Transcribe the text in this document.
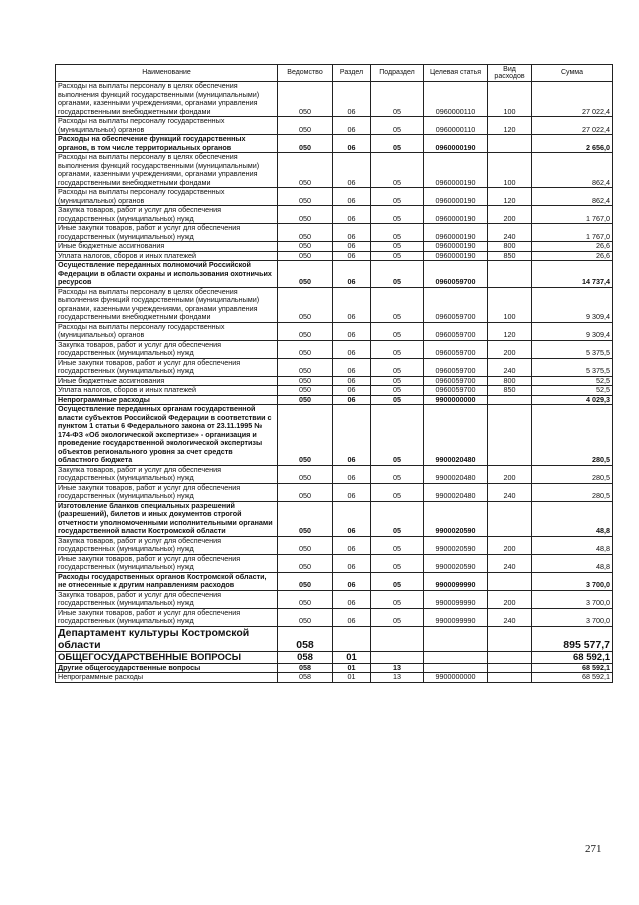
Наименование	Ведомство	Раздел	Подраздел	Целевая статья	Вид расходов	Сумма
Расходы на выплаты персоналу в целях обеспечения выполнения функций государственными (муниципальными) органами, казенными учреждениями, органами управления государственными внебюджетными фондами	050	06	05	0960000110	100	27 022,4
Расходы на выплаты персоналу государственных (муниципальных) органов	050	06	05	0960000110	120	27 022,4
Расходы на обеспечение функций государственных органов, в том числе территориальных органов	050	06	05	0960000190		2 656,0
Расходы на выплаты персоналу в целях обеспечения выполнения функций государственными (муниципальными) органами, казенными учреждениями, органами управления государственными внебюджетными фондами	050	06	05	0960000190	100	862,4
Расходы на выплаты персоналу государственных (муниципальных) органов	050	06	05	0960000190	120	862,4
Закупка товаров, работ и услуг для обеспечения государственных (муниципальных) нужд	050	06	05	0960000190	200	1 767,0
Иные закупки товаров, работ и услуг для обеспечения государственных (муниципальных) нужд	050	06	05	0960000190	240	1 767,0
Иные бюджетные ассигнования	050	06	05	0960000190	800	26,6
Уплата налогов, сборов и иных платежей	050	06	05	0960000190	850	26,6
Осуществление переданных полномочий Российской Федерации в области охраны и использования охотничьих ресурсов	050	06	05	0960059700		14 737,4
Расходы на выплаты персоналу в целях обеспечения выполнения функций государственными (муниципальными) органами, казенными учреждениями, органами управления государственными внебюджетными фондами	050	06	05	0960059700	100	9 309,4
Расходы на выплаты персоналу государственных (муниципальных) органов	050	06	05	0960059700	120	9 309,4
Закупка товаров, работ и услуг для обеспечения государственных (муниципальных) нужд	050	06	05	0960059700	200	5 375,5
Иные закупки товаров, работ и услуг для обеспечения государственных (муниципальных) нужд	050	06	05	0960059700	240	5 375,5
Иные бюджетные ассигнования	050	06	05	0960059700	800	52,5
Уплата налогов, сборов и иных платежей	050	06	05	0960059700	850	52,5
Непрограммные расходы	050	06	05	9900000000		4 029,3
Осуществление переданных органам государственной власти субъектов Российской Федерации в соответствии с пунктом 1 статьи 6 Федерального закона от 23.11.1995 № 174-ФЗ «Об экологической экспертизе» - организация и проведение государственной экологической экспертизы объектов регионального уровня за счет средств областного бюджета	050	06	05	9900020480		280,5
Закупка товаров, работ и услуг для обеспечения государственных (муниципальных) нужд	050	06	05	9900020480	200	280,5
Иные закупки товаров, работ и услуг для обеспечения государственных (муниципальных) нужд	050	06	05	9900020480	240	280,5
Изготовление бланков специальных разрешений (разрешений), билетов и иных документов строгой отчетности уполномоченными исполнительными органами государственной власти Костромской области	050	06	05	9900020590		48,8
Закупка товаров, работ и услуг для обеспечения государственных (муниципальных) нужд	050	06	05	9900020590	200	48,8
Иные закупки товаров, работ и услуг для обеспечения государственных (муниципальных) нужд	050	06	05	9900020590	240	48,8
Расходы государственных органов Костромской области, не отнесенные к другим направлениям расходов	050	06	05	9900099990		3 700,0
Закупка товаров, работ и услуг для обеспечения государственных (муниципальных) нужд	050	06	05	9900099990	200	3 700,0
Иные закупки товаров, работ и услуг для обеспечения государственных (муниципальных) нужд	050	06	05	9900099990	240	3 700,0
Департамент культуры Костромской области	058					895 577,7
ОБЩЕГОСУДАРСТВЕННЫЕ ВОПРОСЫ	058	01				68 592,1
Другие общегосударственные вопросы	058	01	13			68 592,1
Непрограммные расходы	058	01	13	9900000000		68 592,1
271
